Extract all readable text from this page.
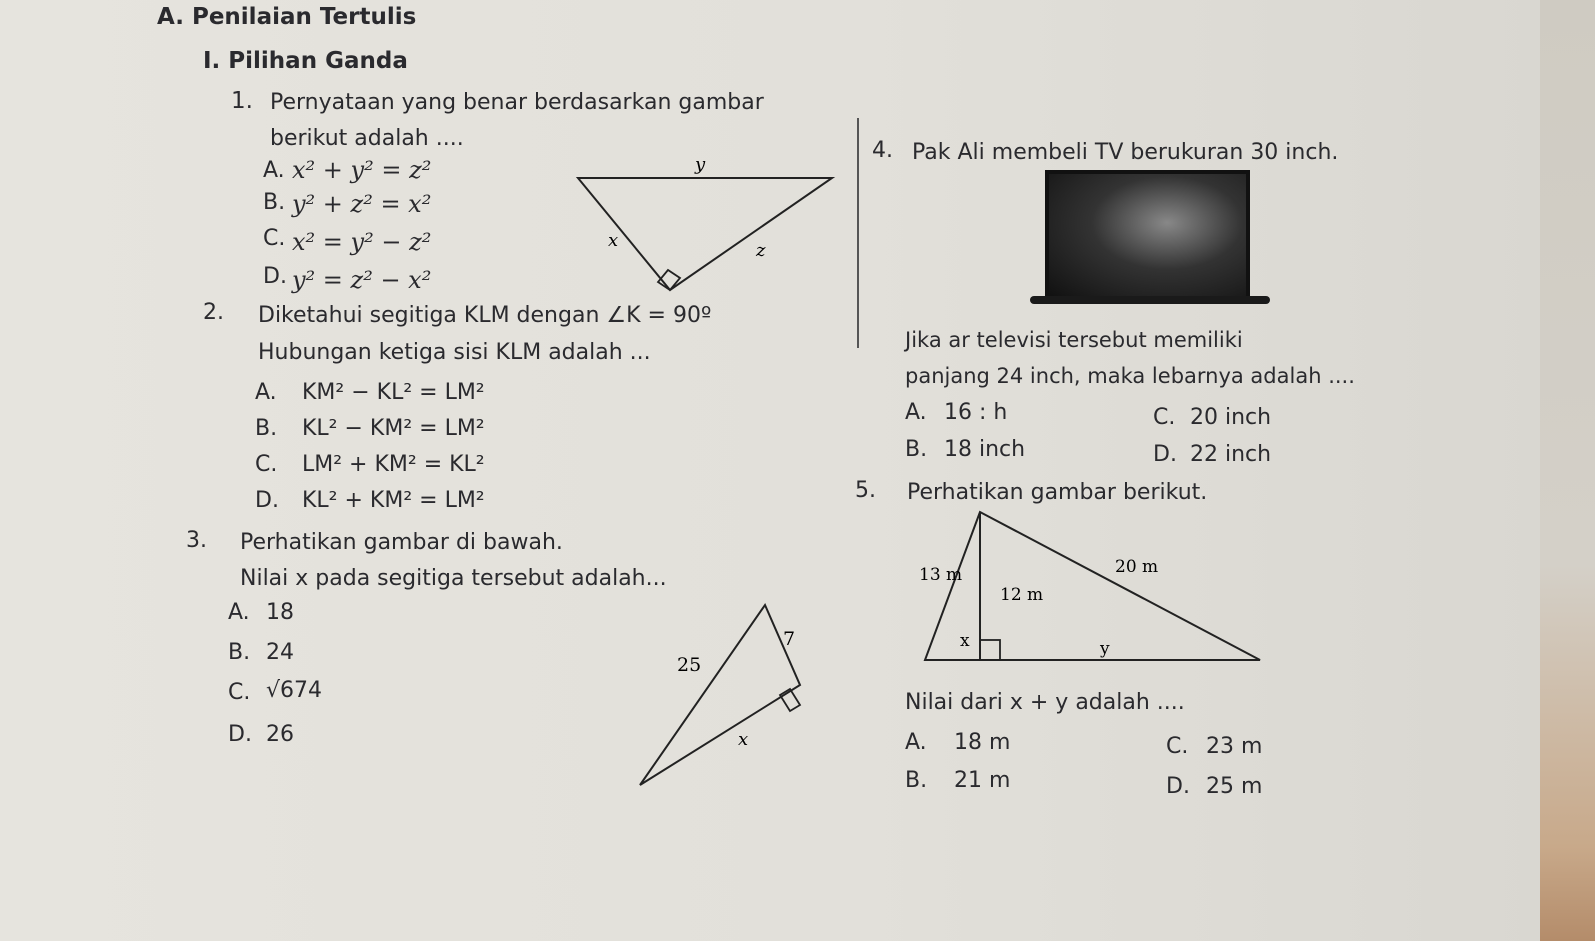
A. Penilaian Tertulis
I. Pilihan Ganda
1. Pernyataan yang benar berdasarkan gambar
berikut adalah ....
A. x² + y² = z²
B. y² + z² = x²
C. x² = y² − z²
D. y² = z² − x²
y
x	z
2. Diketahui segitiga KLM dengan ∠K = 90º
Hubungan ketiga sisi KLM adalah ...
A. KM² − KL² = LM²
B. KL² − KM² = LM²
C. LM² + KM² = KL²
D. KL² + KM² = LM²
3. Perhatikan gambar di bawah.
Nilai x pada segitiga tersebut adalah...
A. 18
B. 24
C. √674
D. 26
25
7
x
4. Pak Ali membeli TV berukuran 30 inch.
Jika ar televisi tersebut memiliki
panjang 24 inch, maka lebarnya adalah ....
A. 16 : h
B. 18 inch
C. 20 inch
D. 22 inch
5. Perhatikan gambar berikut.
13 m	20 m
12 m
x	y
Nilai dari x + y adalah ....
A. 18 m
B. 21 m
C. 23 m
D. 25 m
